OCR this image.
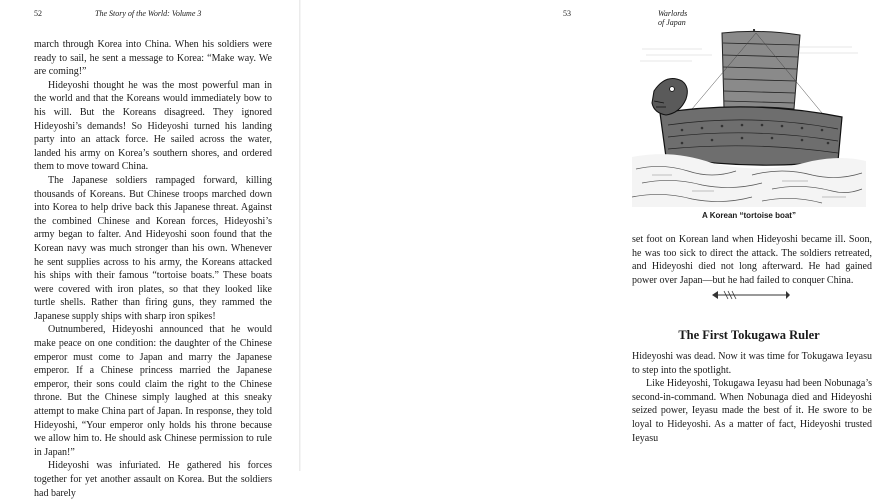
52	The Story of the World: Volume 3

march through Korea into China. When his soldiers were ready to sail, he sent a message to Korea: “Make way. We are coming!”

Hideyoshi thought he was the most powerful man in the world and that the Koreans would immediately bow to his will. But the Koreans disagreed. They ignored Hideyoshi’s demands! So Hideyoshi turned his landing party into an attack force. He sailed across the water, landed his army on Korea’s southern shores, and ordered them to move toward China.

The Japanese soldiers rampaged forward, killing thousands of Koreans. But Chinese troops marched down into Korea to help drive back this Japanese threat. Against the combined Chinese and Korean forces, Hideyoshi’s army began to falter. And Hideyoshi soon found that the Korean navy was much stronger than his own. Whenever he sent supplies across to his army, the Koreans attacked his ships with their famous “tortoise boats.” These boats were covered with iron plates, so that they looked like turtle shells. Rather than firing guns, they rammed the Japanese supply ships with sharp iron spikes!

Outnumbered, Hideyoshi announced that he would make peace on one condition: the daughter of the Chinese emperor must come to Japan and marry the Japanese emperor. If a Chinese princess married the Japanese emperor, their sons could claim the right to the Chinese throne. But the Chinese simply laughed at this sneaky attempt to make China part of Japan. In response, they told Hideyoshi, “Your emperor only holds his throne because we allow him to. He should ask Chinese permission to rule in Japan!”

Hideyoshi was infuriated. He gathered his forces together for yet another assault on Korea. But the soldiers had barely

Warlords of Japan
53
A Korean “tortoise boat”

set foot on Korean land when Hideyoshi became ill. Soon, he was too sick to direct the attack. The soldiers retreated, and Hideyoshi died not long afterward. He had gained power over Japan—but he had failed to conquer China.

The First Tokugawa Ruler

Hideyoshi was dead. Now it was time for Tokugawa Ieyasu to step into the spotlight.

Like Hideyoshi, Tokugawa Ieyasu had been Nobunaga’s second-in-command. When Nobunaga died and Hideyoshi seized power, Ieyasu made the best of it. He swore to be loyal to Hideyoshi. As a matter of fact, Hideyoshi trusted Ieyasu
